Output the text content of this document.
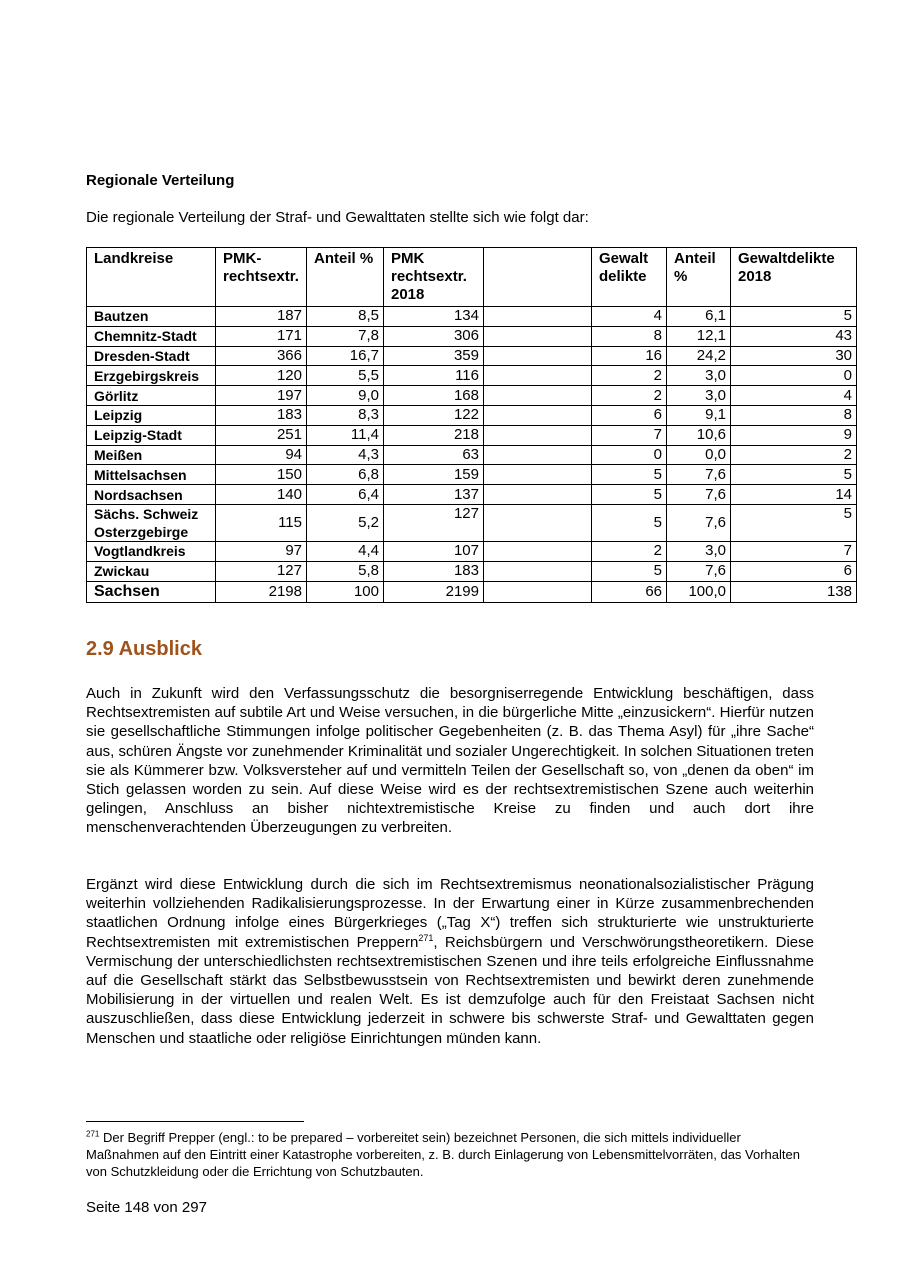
Regionale Verteilung
Die regionale Verteilung der Straf- und Gewalttaten stellte sich wie folgt dar:
Landkreise	PMK-rechtsextr.	Anteil %	PMK rechtsextr. 2018		Gewalt delikte	Anteil %	Gewaltdelikte 2018
Bautzen	187	8,5	134		4	6,1	5
Chemnitz-Stadt	171	7,8	306		8	12,1	43
Dresden-Stadt	366	16,7	359		16	24,2	30
Erzgebirgskreis	120	5,5	116		2	3,0	0
Görlitz	197	9,0	168		2	3,0	4
Leipzig	183	8,3	122		6	9,1	8
Leipzig-Stadt	251	11,4	218		7	10,6	9
Meißen	94	4,3	63		0	0,0	2
Mittelsachsen	150	6,8	159		5	7,6	5
Nordsachsen	140	6,4	137		5	7,6	14
Sächs. Schweiz Osterzgebirge	115	5,2	127		5	7,6	5
Vogtlandkreis	97	4,4	107		2	3,0	7
Zwickau	127	5,8	183		5	7,6	6
Sachsen	2198	100	2199		66	100,0	138
2.9 Ausblick

Auch in Zukunft wird den Verfassungsschutz die besorgniserregende Entwicklung beschäftigen, dass Rechtsextremisten auf subtile Art und Weise versuchen, in die bürgerliche Mitte „einzusickern“. Hierfür nutzen sie gesellschaftliche Stimmungen infolge politischer Gegebenheiten (z. B. das Thema Asyl) für „ihre Sache“ aus, schüren Ängste vor zunehmender Kriminalität und sozialer Ungerechtigkeit. In solchen Situationen treten sie als Kümmerer bzw. Volksversteher auf und vermitteln Teilen der Gesellschaft so, von „denen da oben“ im Stich gelassen worden zu sein. Auf diese Weise wird es der rechtsextremistischen Szene auch weiterhin gelingen, Anschluss an bisher nichtextremistische Kreise zu finden und auch dort ihre menschenverachtenden Überzeugungen zu verbreiten.

Ergänzt wird diese Entwicklung durch die sich im Rechtsextremismus neonationalsozialistischer Prägung weiterhin vollziehenden Radikalisierungsprozesse. In der Erwartung einer in Kürze zusammenbrechenden staatlichen Ordnung infolge eines Bürgerkrieges („Tag X“) treffen sich strukturierte wie unstrukturierte Rechtsextremisten mit extremistischen Preppern$^{271}$, Reichsbürgern und Verschwörungstheoretikern. Diese Vermischung der unterschiedlichsten rechtsextremistischen Szenen und ihre teils erfolgreiche Einflussnahme auf die Gesellschaft stärkt das Selbstbewusstsein von Rechtsextremisten und bewirkt deren zunehmende Mobilisierung in der virtuellen und realen Welt. Es ist demzufolge auch für den Freistaat Sachsen nicht auszuschließen, dass diese Entwicklung jederzeit in schwere bis schwerste Straf- und Gewalttaten gegen Menschen und staatliche oder religiöse Einrichtungen münden kann.

$^{271}$ Der Begriff Prepper (engl.: to be prepared – vorbereitet sein) bezeichnet Personen, die sich mittels individueller Maßnahmen auf den Eintritt einer Katastrophe vorbereiten, z. B. durch Einlagerung von Lebensmittelvorräten, das Vorhalten von Schutzkleidung oder die Errichtung von Schutzbauten.

Seite 148 von 297
